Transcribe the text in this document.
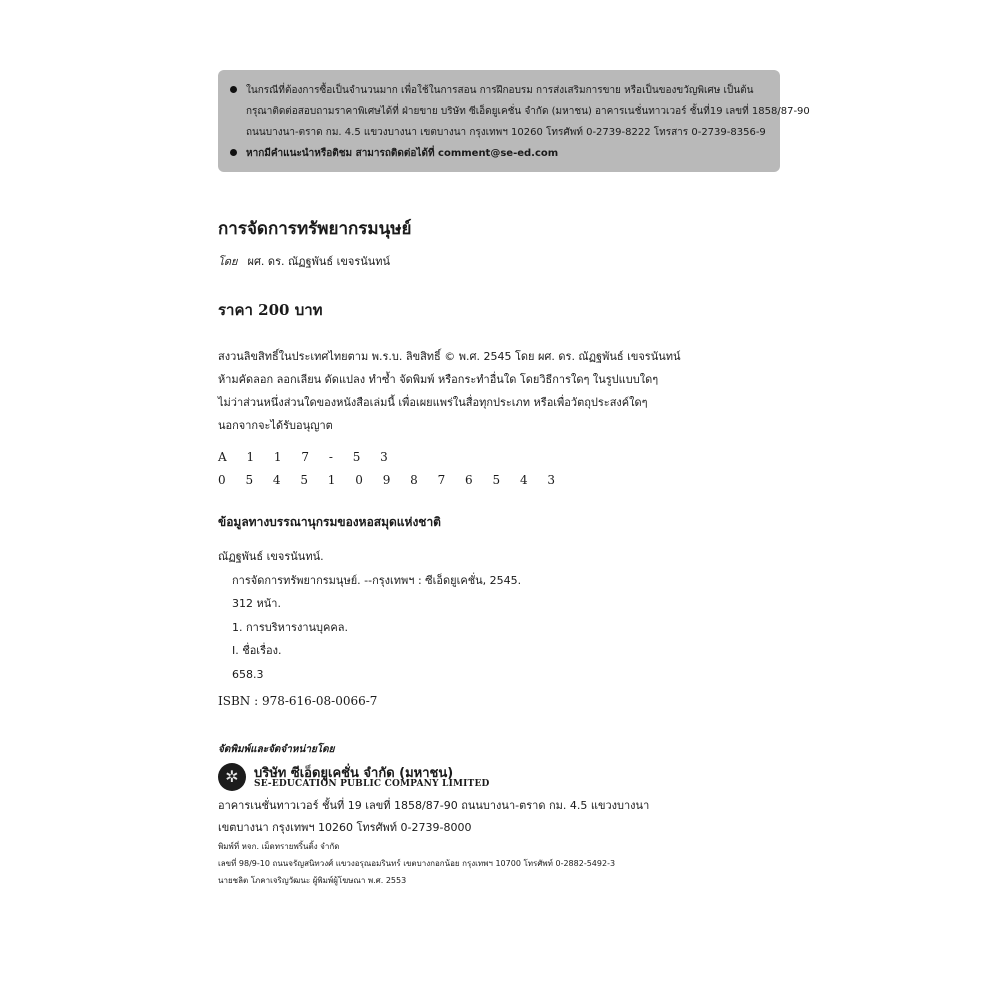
ในกรณีที่ต้องการซื้อเป็นจำนวนมาก เพื่อใช้ในการสอน การฝึกอบรม การส่งเสริมการขาย หรือเป็นของขวัญพิเศษ เป็นต้น
กรุณาติดต่อสอบถามราคาพิเศษได้ที่ ฝ่ายขาย บริษัท ซีเอ็ดยูเคชั่น จำกัด (มหาชน) อาคารเนชั่นทาวเวอร์ ชั้นที่19 เลขที่ 1858/87-90
ถนนบางนา-ตราด กม. 4.5 แขวงบางนา เขตบางนา กรุงเทพฯ 10260 โทรศัพท์ 0-2739-8222 โทรสาร 0-2739-8356-9
หากมีคำแนะนำหรือติชม สามารถติดต่อได้ที่ comment@se-ed.com
การจัดการทรัพยากรมนุษย์
โดย ผศ. ดร. ณัฏฐพันธ์ เขจรนันทน์
ราคา 200 บาท
สงวนลิขสิทธิ์ในประเทศไทยตาม พ.ร.บ. ลิขสิทธิ์ © พ.ศ. 2545 โดย ผศ. ดร. ณัฏฐพันธ์ เขจรนันทน์
ห้ามคัดลอก ลอกเลียน ดัดแปลง ทำซ้ำ จัดพิมพ์ หรือกระทำอื่นใด โดยวิธีการใดๆ ในรูปแบบใดๆ
ไม่ว่าส่วนหนึ่งส่วนใดของหนังสือเล่มนี้ เพื่อเผยแพร่ในสื่อทุกประเภท หรือเพื่อวัตถุประสงค์ใดๆ
นอกจากจะได้รับอนุญาต
A 1 1 7 - 5 3
0 5 4 5 1 0 9 8 7 6 5 4 3
ข้อมูลทางบรรณานุกรมของหอสมุดแห่งชาติ
ณัฏฐพันธ์ เขจรนันทน์.
การจัดการทรัพยากรมนุษย์. --กรุงเทพฯ : ซีเอ็ดยูเคชั่น, 2545.
312 หน้า.
1. การบริหารงานบุคคล.
I. ชื่อเรื่อง.
658.3
ISBN : 978-616-08-0066-7
จัดพิมพ์และจัดจำหน่ายโดย
✲	บริษัท ซีเอ็ดยูเคชั่น จำกัด (มหาชน)
SE-EDUCATION PUBLIC COMPANY LIMITED
อาคารเนชั่นทาวเวอร์ ชั้นที่ 19 เลขที่ 1858/87-90 ถนนบางนา-ตราด กม. 4.5 แขวงบางนา
เขตบางนา กรุงเทพฯ 10260 โทรศัพท์ 0-2739-8000
พิมพ์ที่ หจก. เม็ดทรายพริ้นติ้ง จำกัด
เลขที่ 98/9-10 ถนนจรัญสนิทวงศ์ แขวงอรุณอมรินทร์ เขตบางกอกน้อย กรุงเทพฯ 10700 โทรศัพท์ 0-2882-5492-3
นายชลิต โภคาเจริญวัฒนะ ผู้พิมพ์ผู้โฆษณา พ.ศ. 2553
